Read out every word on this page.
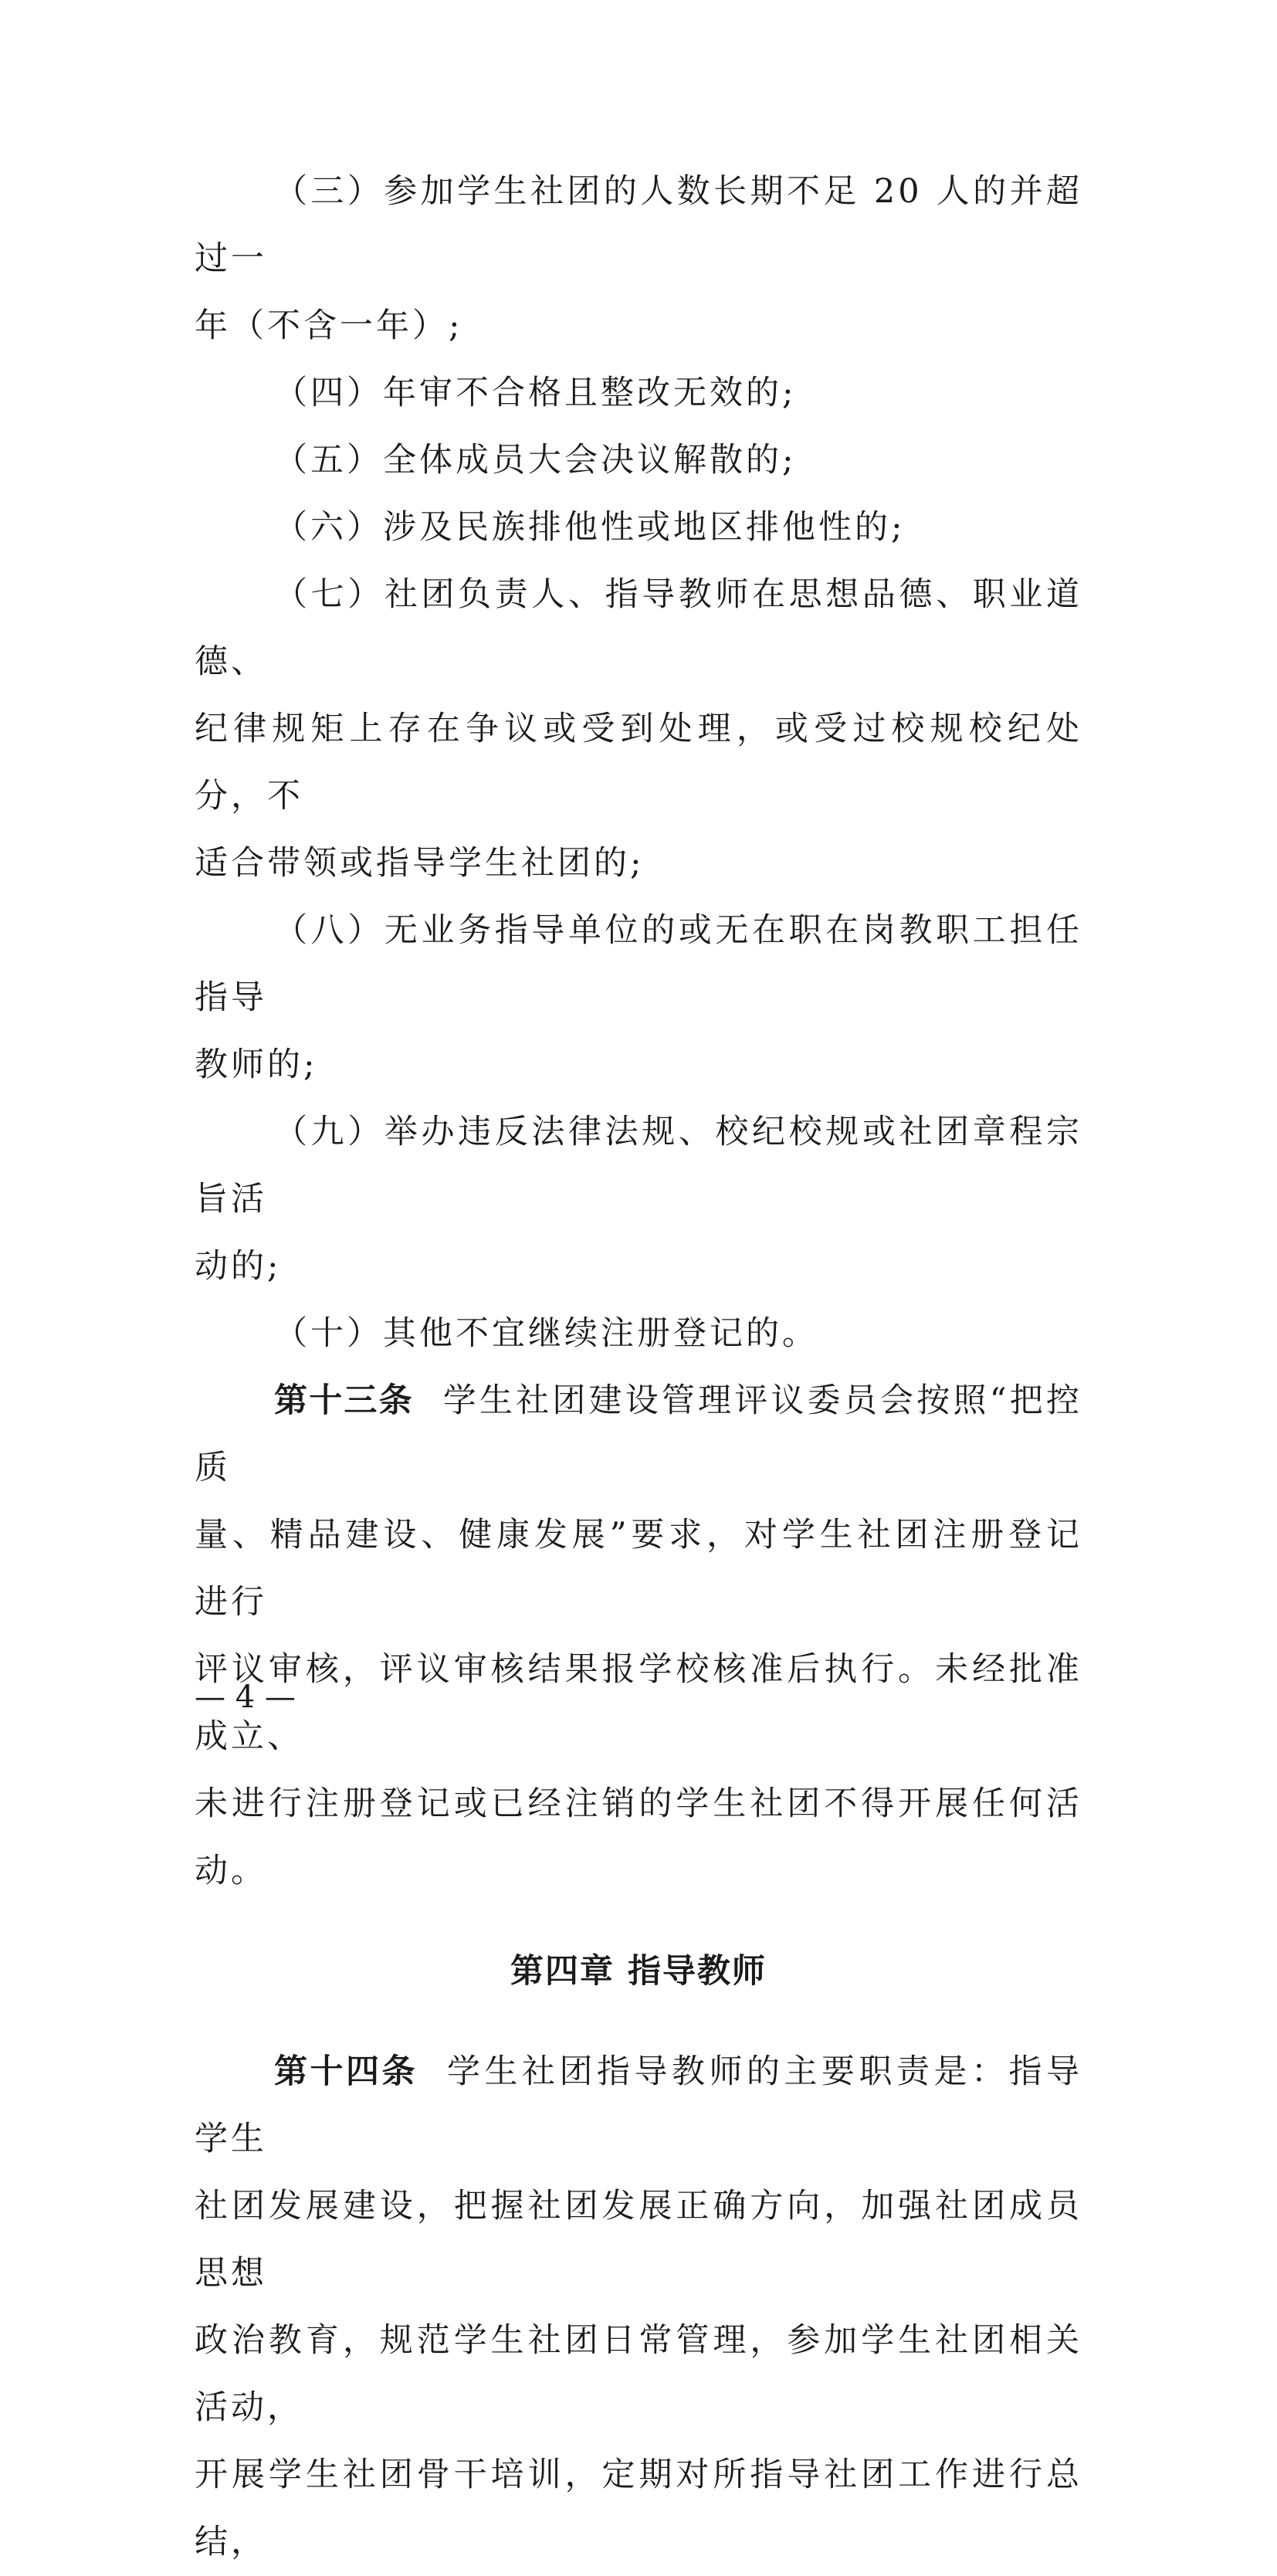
（三）参加学生社团的人数长期不足 20 人的并超过一
年（不含一年）;

（四）年审不合格且整改无效的;

（五）全体成员大会决议解散的;

（六）涉及民族排他性或地区排他性的;

（七）社团负责人、指导教师在思想品德、职业道德、
纪律规矩上存在争议或受到处理，或受过校规校纪处分，不
适合带领或指导学生社团的;

（八）无业务指导单位的或无在职在岗教职工担任指导
教师的;

（九）举办违反法律法规、校纪校规或社团章程宗旨活
动的;

（十）其他不宜继续注册登记的。

第十三条 学生社团建设管理评议委员会按照“把控质
量、精品建设、健康发展”要求，对学生社团注册登记进行
评议审核，评议审核结果报学校核准后执行。未经批准成立、
未进行注册登记或已经注销的学生社团不得开展任何活动。

第四章 指导教师

第十四条 学生社团指导教师的主要职责是：指导学生
社团发展建设，把握社团发展正确方向，加强社团成员思想
政治教育，规范学生社团日常管理，参加学生社团相关活动，
开展学生社团骨干培训，定期对所指导社团工作进行总结，

— 4 —
